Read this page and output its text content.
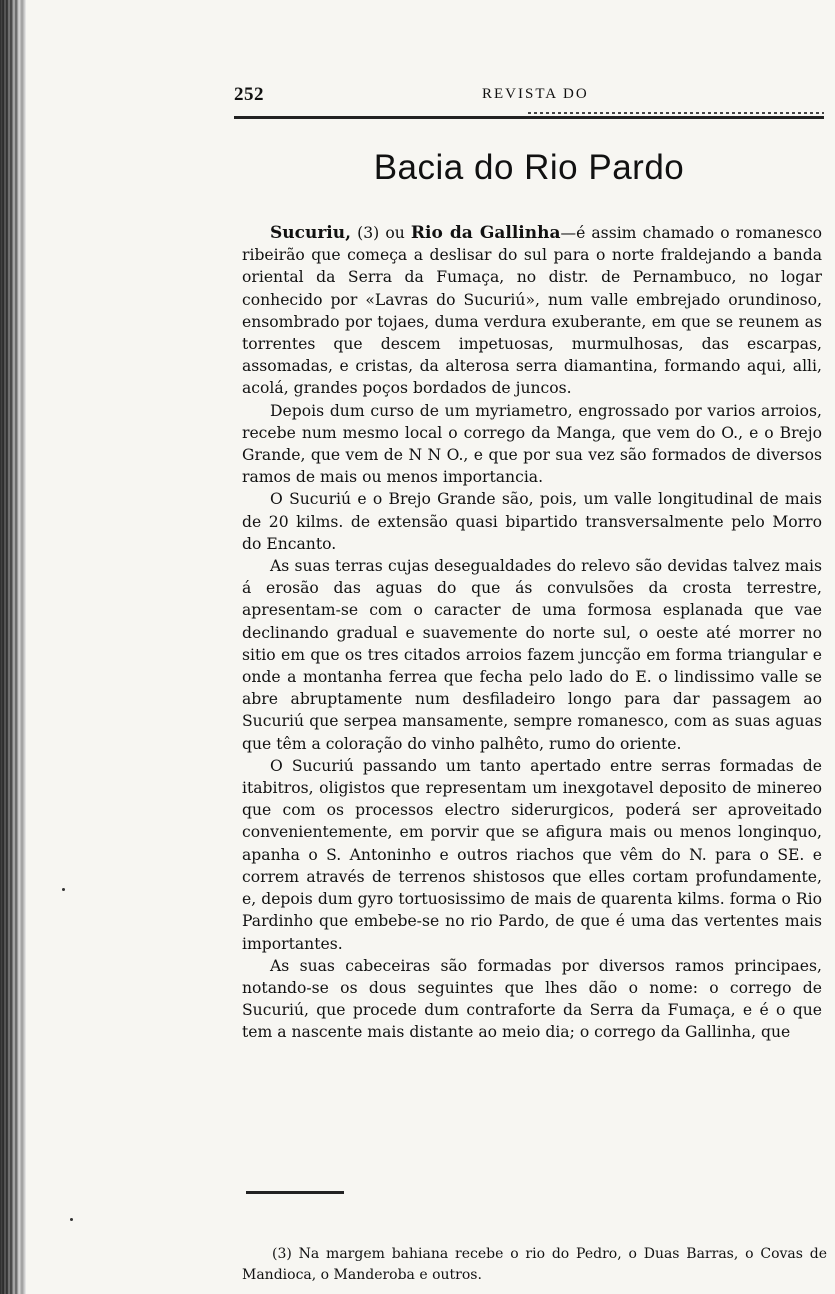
252	REVISTA DO
Bacia do Rio Pardo

Sucuriu, (3) ou Rio da Gallinha—é assim chamado o romanesco ribeirão que começa a deslisar do sul para o norte fraldejando a banda oriental da Serra da Fumaça, no distr. de Pernambuco, no logar conhecido por «Lavras do Sucuriú», num valle embrejado orundinoso, ensombrado por tojaes, duma verdura exuberante, em que se reunem as torrentes que descem impetuosas, murmulhosas, das escarpas, assomadas, e cristas, da alterosa serra diamantina, formando aqui, alli, acolá, grandes poços bordados de juncos.

Depois dum curso de um myriametro, engrossado por varios arroios, recebe num mesmo local o corrego da Manga, que vem do O., e o Brejo Grande, que vem de N N O., e que por sua vez são formados de diversos ramos de mais ou menos importancia.

O Sucuriú e o Brejo Grande são, pois, um valle longitudinal de mais de 20 kilms. de extensão quasi bipartido transversalmente pelo Morro do Encanto.

As suas terras cujas desegualdades do relevo são devidas talvez mais á erosão das aguas do que ás convulsões da crosta terrestre, apresentam-se com o caracter de uma formosa esplanada que vae declinando gradual e suavemente do norte sul, o oeste até morrer no sitio em que os tres citados arroios fazem juncção em forma triangular e onde a montanha ferrea que fecha pelo lado do E. o lindissimo valle se abre abruptamente num desfiladeiro longo para dar passagem ao Sucuriú que serpea mansamente, sempre romanesco, com as suas aguas que têm a coloração do vinho palhêto, rumo do oriente.

O Sucuriú passando um tanto apertado entre serras formadas de itabitros, oligistos que representam um inexgotavel deposito de minereo que com os processos electro siderurgicos, poderá ser aproveitado convenientemente, em porvir que se afigura mais ou menos longinquo, apanha o S. Antoninho e outros riachos que vêm do N. para o SE. e correm através de terrenos shistosos que elles cortam profundamente, e, depois dum gyro tortuosissimo de mais de quarenta kilms. forma o Rio Pardinho que embebe-se no rio Pardo, de que é uma das vertentes mais importantes.

As suas cabeceiras são formadas por diversos ramos principaes, notando-se os dous seguintes que lhes dão o nome: o corrego de Sucuriú, que procede dum contraforte da Serra da Fumaça, e é o que tem a nascente mais distante ao meio dia; o corrego da Gallinha, que

(3) Na margem bahiana recebe o rio do Pedro, o Duas Barras, o Covas de Mandioca, o Manderoba e outros.
